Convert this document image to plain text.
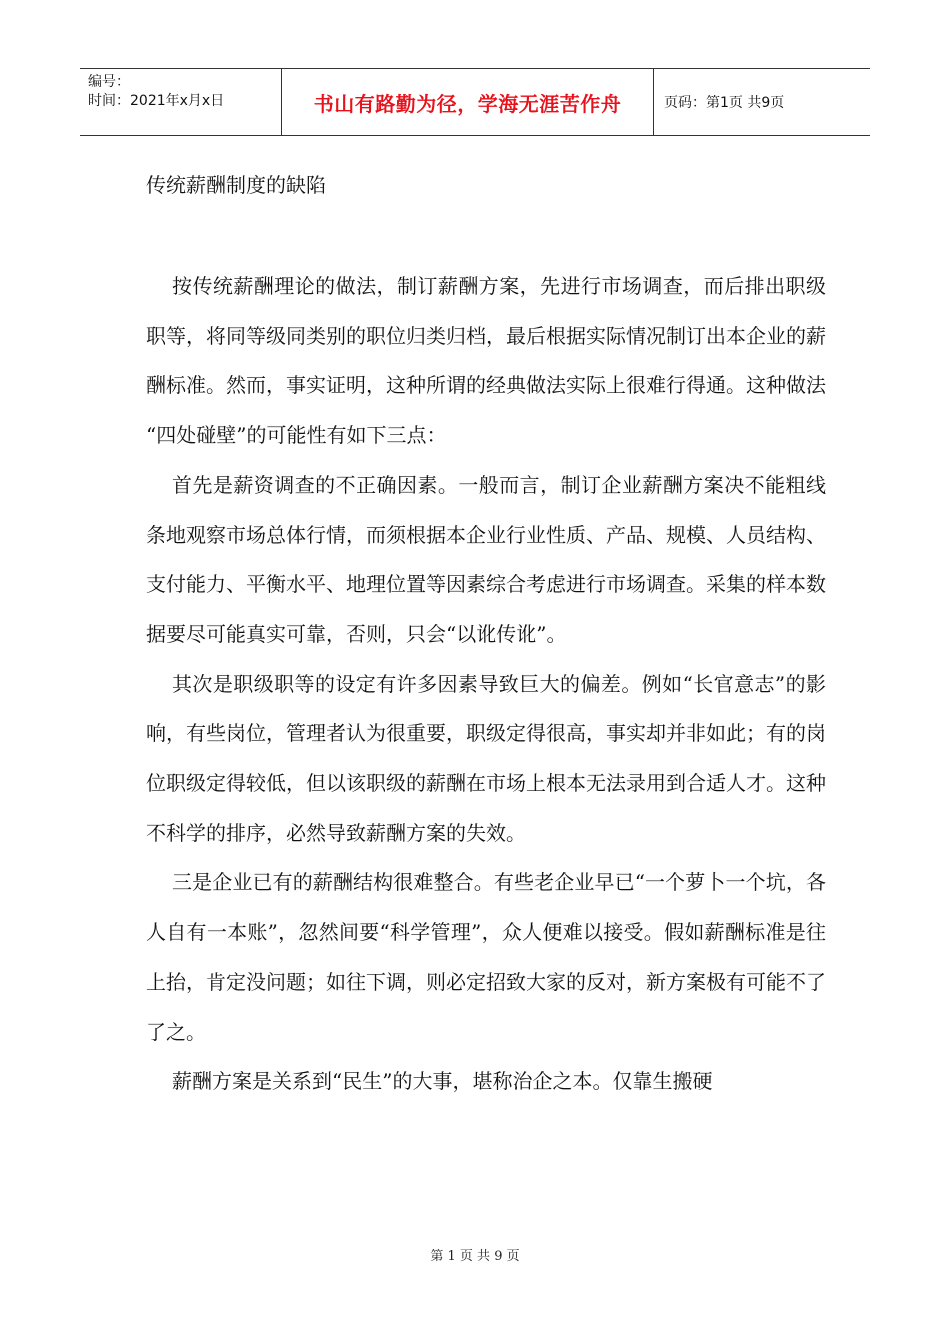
编号：
时间：2021年x月x日	书山有路勤为径，学海无涯苦作舟	页码：第1页 共9页
传统薪酬制度的缺陷

按传统薪酬理论的做法，制订薪酬方案，先进行市场调查，而后排出职级职等，将同等级同类别的职位归类归档，最后根据实际情况制订出本企业的薪酬标准。然而，事实证明，这种所谓的经典做法实际上很难行得通。这种做法 “四处碰壁”的可能性有如下三点：

首先是薪资调查的不正确因素。一般而言，制订企业薪酬方案决不能粗线条地观察市场总体行情，而须根据本企业行业性质、产品、规模、人员结构、支付能力、平衡水平、地理位置等因素综合考虑进行市场调查。采集的样本数据要尽可能真实可靠，否则，只会“以讹传讹”。

其次是职级职等的设定有许多因素导致巨大的偏差。例如“长官意志”的影响，有些岗位，管理者认为很重要，职级定得很高，事实却并非如此；有的岗位职级定得较低，但以该职级的薪酬在市场上根本无法录用到合适人才。这种不科学的排序，必然导致薪酬方案的失效。

三是企业已有的薪酬结构很难整合。有些老企业早已“一个萝卜一个坑，各人自有一本账”，忽然间要“科学管理”，众人便难以接受。假如薪酬标准是往上抬，肯定没问题；如往下调，则必定招致大家的反对，新方案极有可能不了了之。

薪酬方案是关系到“民生”的大事，堪称治企之本。仅靠生搬硬

第 1 页 共 9 页
